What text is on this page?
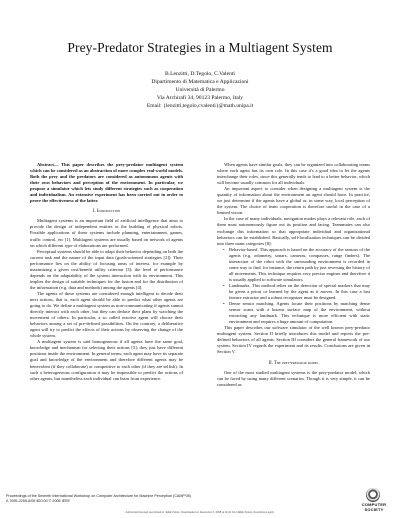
Prey-Predator Strategies in a Multiagent System
B.Lenzitti, D.Tegolo, C.Valenti
Dipartimento di Matematica e Applicazioni
Università di Palermo
Via Archirafi 34, 90123 Palermo, Italy
Email: {lenzitti,tegolo,cvalenti}@math.unipa.it

Abstract— This paper describes the prey-predator multiagent system which can be considered as an abstraction of more complex real-world models. Both the prey and the predators are considered as autonomous agents with their own behaviors and perception of the environment. In particular, we propose a simulator which lets study different strategies such as cooperation and individualism. An extensive experiment has been carried out in order to prove the effectiveness of the latter.

I. Introduction

Multiagent systems is an important field of artificial intelligence that aims to provide the design of independent entities or the building of physical robots. Possible applications of these systems include planning, entertainment, games, traffic control, etc [1]. Multiagent systems are usually based on network of agents on which different type of elaborations are performed.

Perceptual systems should be able to adapt their behavior depending on both the current task and the nature of the input data (goals-oriented strategies [2]). Their performance lies on the ability of focusing areas of interest, for example by maximizing a given cost/benefit utility criterion [3]; the level of performance depends on the adaptability of the system interaction with its environment. This implies the design of suitable techniques for the fusion and for the distribution of the information (e.g. data and methods) among the agents [4].

The agents of these systems are considered enough intelligent to decide their next actions, that is, each agent should be able to predict what other agents are going to do. We define a multiagent system as non-communicating if agents cannot directly interact with each other, but they can deduce their plans by watching the movement of others. In particular, a so called reactive agent will choose their behaviors among a set of pre-defined possibilities. On the contrary, a deliberative agent will try to predict the effects of their actions by observing the change of the whole system.

A multiagent system is said homogeneous if all agents have the same goal, knowledge and mechanism for selecting their actions [5]; they just have different positions inside the environment. In general terms, each agent may have its separate goal and knowledge of the environment and therefore different agents may be benevolent (if they collaborate) or competitive to each other (if they are selfish). In such a heterogeneous configuration it may be impossible to predict the actions of other agents, but nonetheless each individual can learn from experience.

When agents have similar goals, they can be organized into collaborating teams where each agent has its own role. In this case it's a good idea to let the agents interchange their roles, since this generally tends to lead to a better behavior, which will become usually common for all individuals.

An important aspect to consider when designing a multiagent system is the quantity of information about the environment an agent should have. In practice, we just determine if the agents have a global or, in some way, local perception of the system. The choice of team cooperation is therefore useful in the case of a limited vision.

In the case of many individuals, navigation modes plays a relevant role, each of them must autonomously figure out its position and facing. Teammates can also exchange this information so that appropriate individual and organizational behaviors can be established. Basically, self-localization techniques can be divided into three main categories [8]:

• Behavior-based. This approach is based on the accuracy of the sensors of the agents (e.g. odometry, sonars, cameras, compasses, range finders). The interaction of the robot with the surrounding environment is recorded in some way to find, for instance, the return path by just reversing the history of all movements. This technique requires very precise engines and therefore it is usually applied to software simulators.
• Landmarks. This method relies on the detection of special markers that may be given a priori or learned by the agent as it moves. In this case a fast feature extractor and a robust recognizer must be designed.
• Dense sensor matching. Agents locate their positions by matching dense sensor scans with a known surface map of the environment, without extracting any landmark. This technique is more efficient with static environment and requires a huge amount of computation.

This paper describes our software simulator of the well known prey-predator multiagent system. Section II briefly introduces this model and reports the pre-defined behaviors of all agents. Section III considers the general framework of our system. Section IV regards the experiment and its results. Conclusions are given in Section V.

II. The prey-predator model

One of the most studied multiagent systems is the prey-predator model, which can be faced by using many different scenarios. Though it is very simple, it can be considered as

Proceedings of the Seventh International Workshop on Computer Architecture for Machine Perception (CAMP'05)
0-7695-2255-6/05 $20.00 © 2005 IEEE
COMPUTER
SOCIETY
Authorized licensed use limited to: IEEE Xplore. Downloaded on December 6, 2008 at 02:22 from IEEE Xplore. Restrictions apply.
